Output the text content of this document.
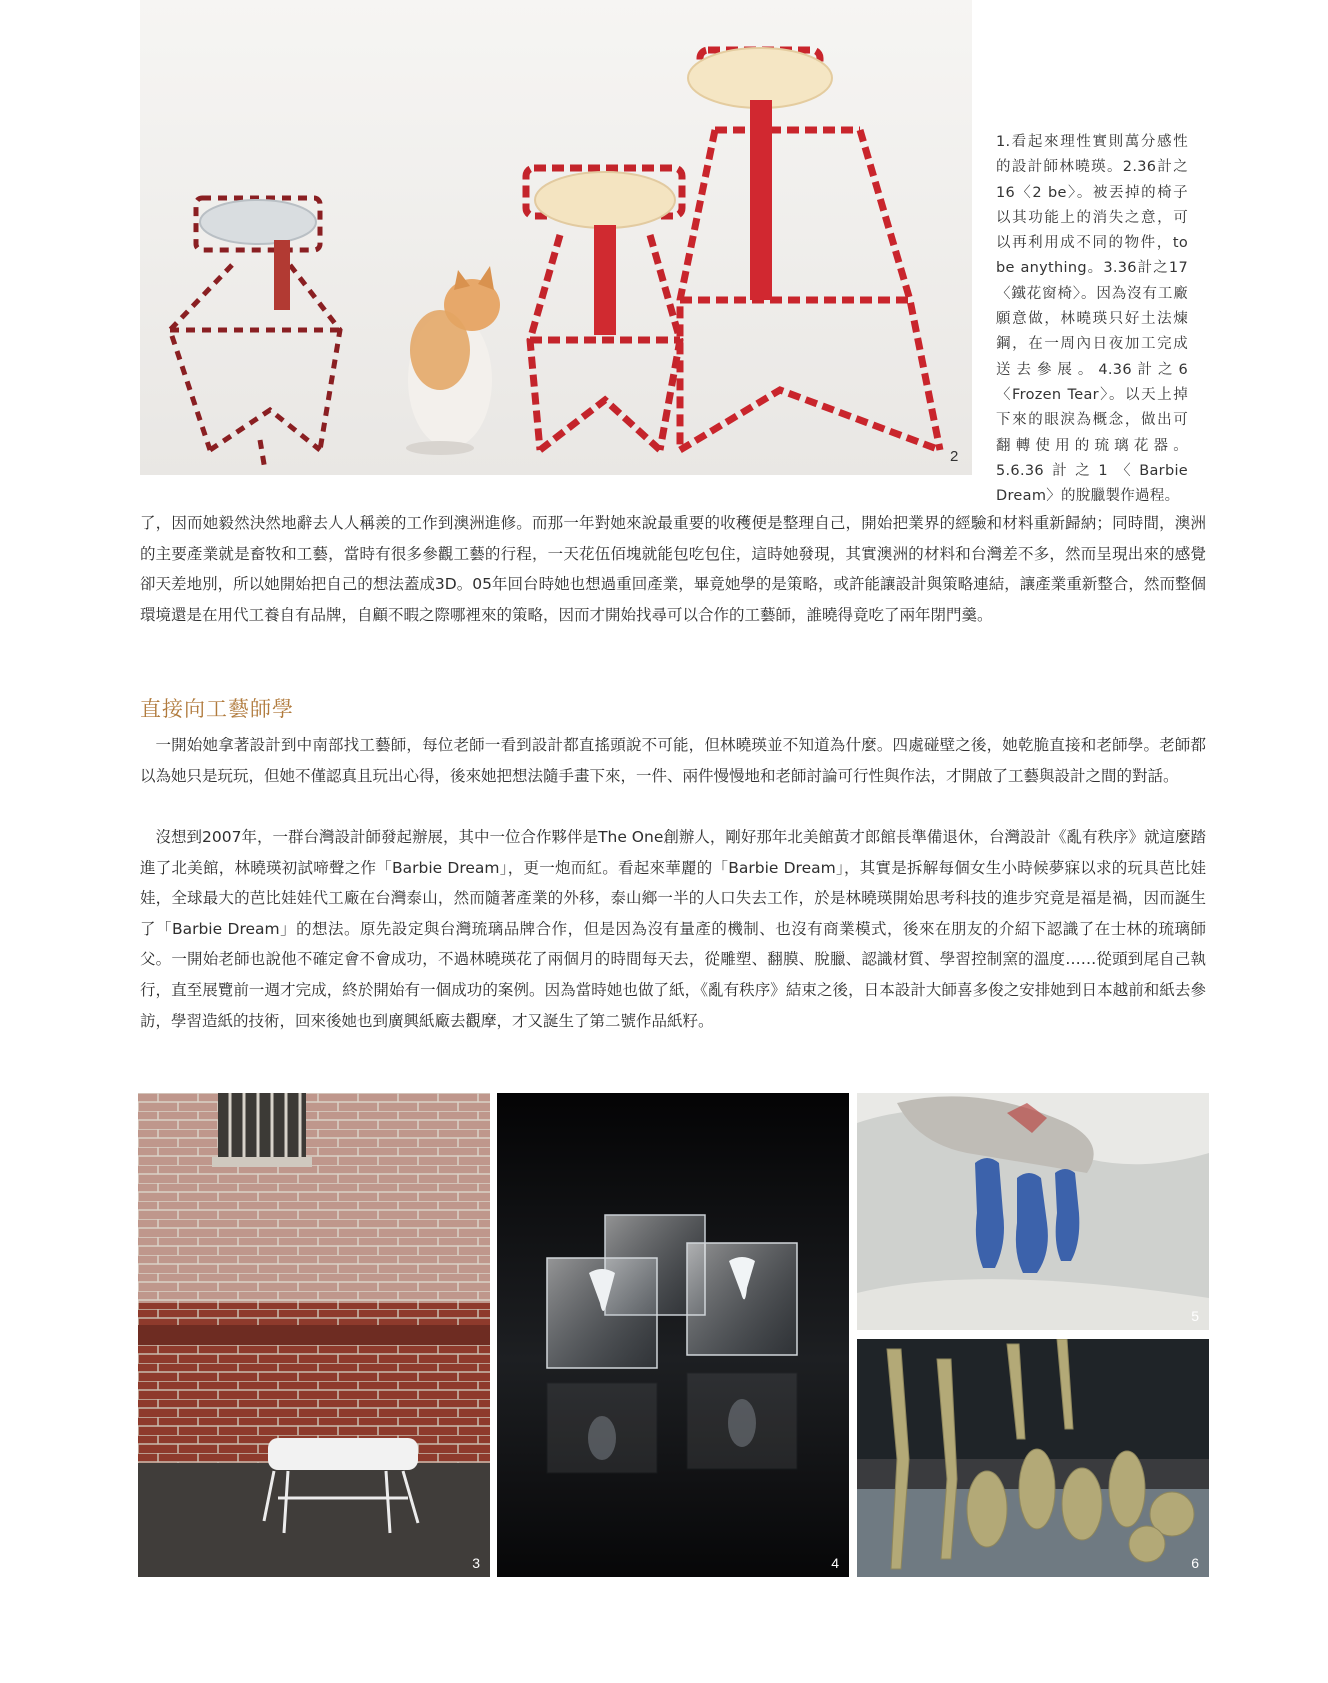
2
1.看起來理性實則萬分感性的設計師林曉瑛。2.36計之16〈2 be〉。被丟掉的椅子以其功能上的消失之意，可以再利用成不同的物件，to be anything。3.36計之17〈鐵花窗椅〉。因為沒有工廠願意做，林曉瑛只好土法煉鋼，在一周內日夜加工完成送去參展。4.36計之6〈Frozen Tear〉。以天上掉下來的眼淚為概念，做出可翻轉使用的琉璃花器。5.6.36計之1〈Barbie Dream〉的脫臘製作過程。

了，因而她毅然決然地辭去人人稱羨的工作到澳洲進修。而那一年對她來說最重要的收穫便是整理自己，開始把業界的經驗和材料重新歸納；同時間，澳洲的主要產業就是畜牧和工藝，當時有很多參觀工藝的行程，一天花伍佰塊就能包吃包住，這時她發現，其實澳洲的材料和台灣差不多，然而呈現出來的感覺卻天差地別，所以她開始把自己的想法蓋成3D。05年回台時她也想過重回產業，畢竟她學的是策略，或許能讓設計與策略連結，讓產業重新整合，然而整個環境還是在用代工養自有品牌，自顧不暇之際哪裡來的策略，因而才開始找尋可以合作的工藝師，誰曉得竟吃了兩年閉門羹。

直接向工藝師學

一開始她拿著設計到中南部找工藝師，每位老師一看到設計都直搖頭說不可能，但林曉瑛並不知道為什麼。四處碰壁之後，她乾脆直接和老師學。老師都以為她只是玩玩，但她不僅認真且玩出心得，後來她把想法隨手畫下來，一件、兩件慢慢地和老師討論可行性與作法，才開啟了工藝與設計之間的對話。

沒想到2007年，一群台灣設計師發起辦展，其中一位合作夥伴是The One創辦人，剛好那年北美館黃才郎館長準備退休，台灣設計《亂有秩序》就這麼踏進了北美館，林曉瑛初試啼聲之作「Barbie Dream」，更一炮而紅。看起來華麗的「Barbie Dream」，其實是拆解每個女生小時候夢寐以求的玩具芭比娃娃，全球最大的芭比娃娃代工廠在台灣泰山，然而隨著產業的外移，泰山鄉一半的人口失去工作，於是林曉瑛開始思考科技的進步究竟是福是禍，因而誕生了「Barbie Dream」的想法。原先設定與台灣琉璃品牌合作，但是因為沒有量產的機制、也沒有商業模式，後來在朋友的介紹下認識了在士林的琉璃師父。一開始老師也說他不確定會不會成功，不過林曉瑛花了兩個月的時間每天去，從雕塑、翻膜、脫臘、認識材質、學習控制窯的溫度……從頭到尾自己執行，直至展覽前一週才完成，終於開始有一個成功的案例。因為當時她也做了紙，《亂有秩序》結束之後，日本設計大師喜多俊之安排她到日本越前和紙去參訪，學習造紙的技術，回來後她也到廣興紙廠去觀摩，才又誕生了第二號作品紙籽。

3	4
5
6
